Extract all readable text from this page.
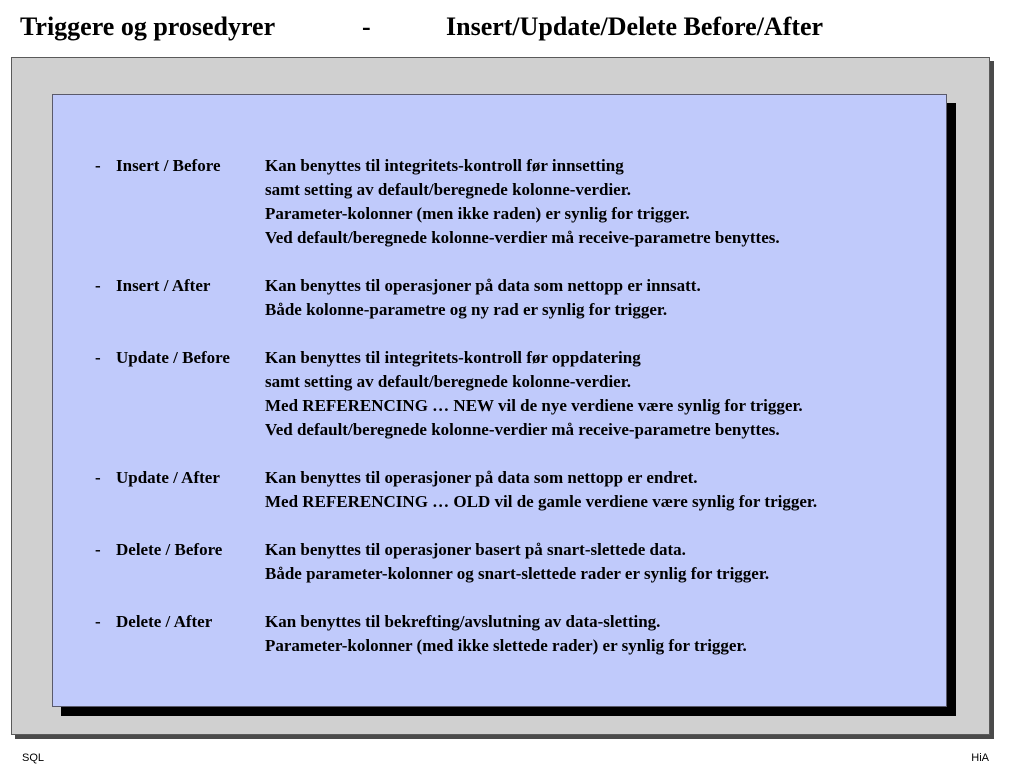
Triggere og prosedyrer	-	Insert/Update/Delete Before/After
- Insert / Before	Kan benyttes til integritets-kontroll før innsetting
samt setting av default/beregnede kolonne-verdier.
Parameter-kolonner (men ikke raden) er synlig for trigger.
Ved default/beregnede kolonne-verdier må receive-parametre benyttes.
- Insert / After	Kan benyttes til operasjoner på data som nettopp er innsatt.
Både kolonne-parametre og ny rad er synlig for trigger.
- Update / Before Kan benyttes til integritets-kontroll før oppdatering
samt setting av default/beregnede kolonne-verdier.
Med REFERENCING … NEW vil de nye verdiene være synlig for trigger.
Ved default/beregnede kolonne-verdier må receive-parametre benyttes.
- Update / After	Kan benyttes til operasjoner på data som nettopp er endret.
Med REFERENCING … OLD vil de gamle verdiene være synlig for trigger.
- Delete / Before	Kan benyttes til operasjoner basert på snart-slettede data.
Både parameter-kolonner og snart-slettede rader er synlig for trigger.
- Delete / After	Kan benyttes til bekrefting/avslutning av data-sletting.
Parameter-kolonner (med ikke slettede rader) er synlig for trigger.
SQL	HiA
